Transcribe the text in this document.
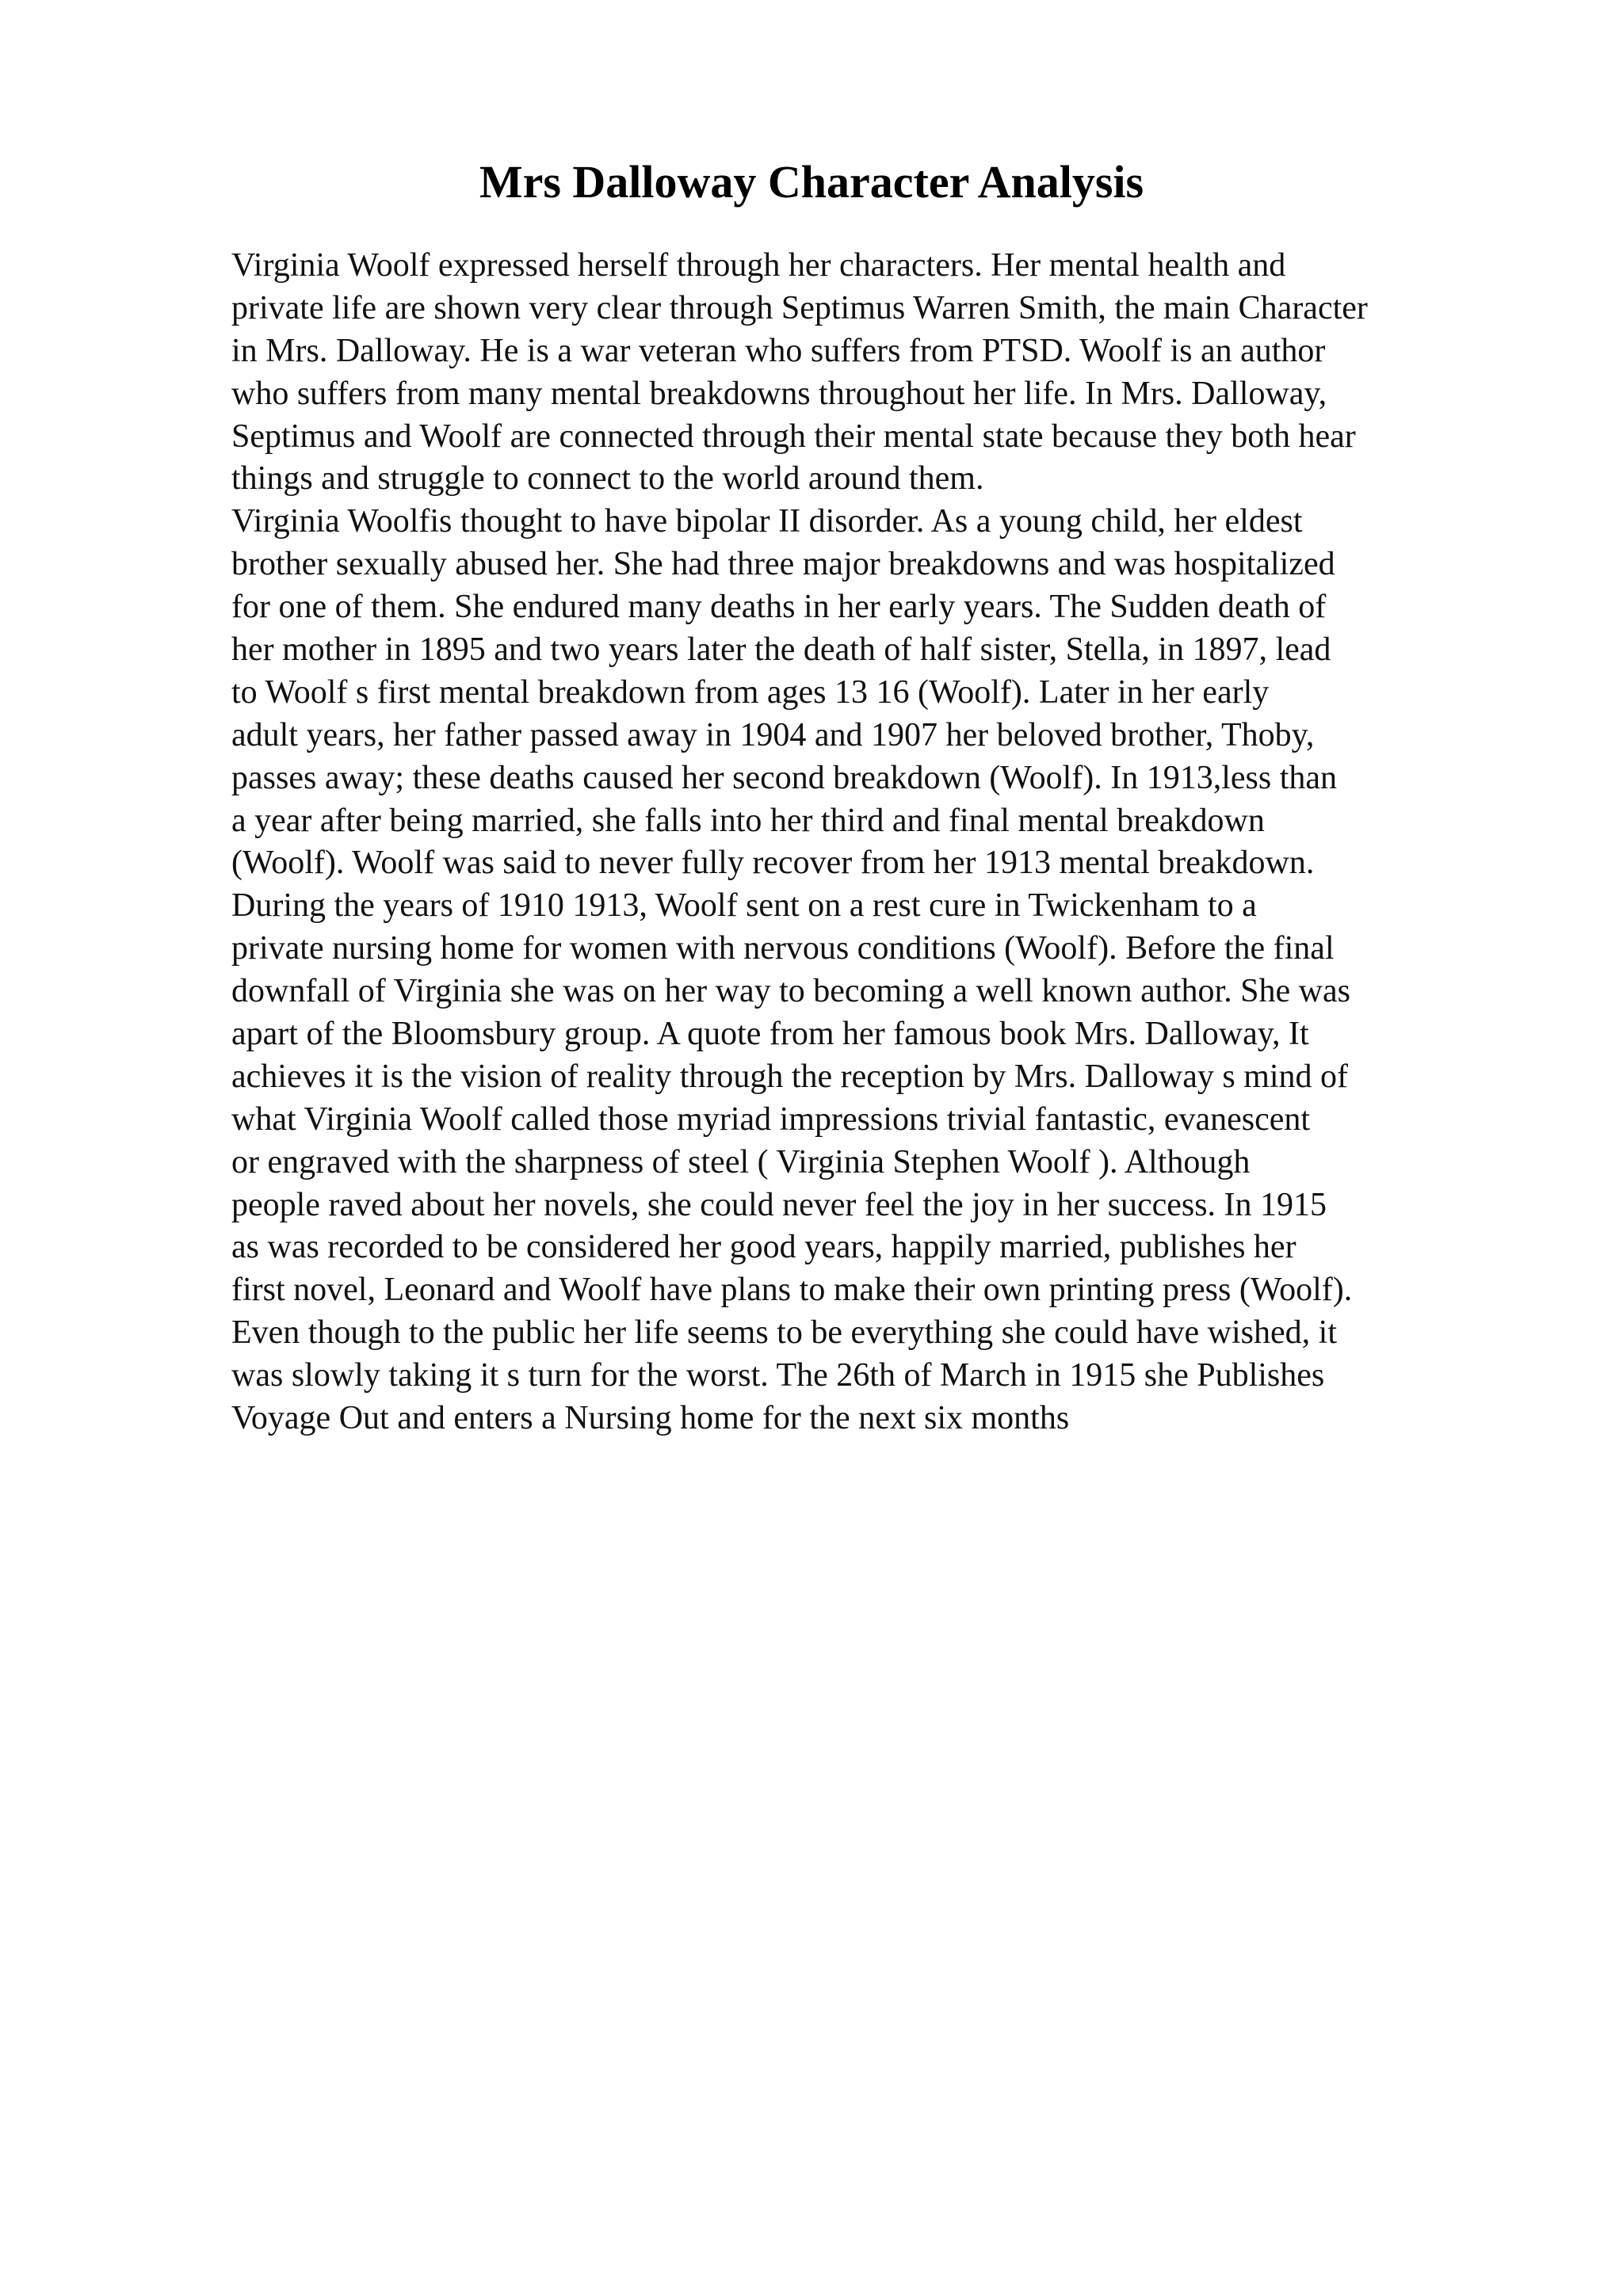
Mrs Dalloway Character Analysis
Virginia Woolf expressed herself through her characters. Her mental health and
private life are shown very clear through Septimus Warren Smith, the main Character
in Mrs. Dalloway. He is a war veteran who suffers from PTSD. Woolf is an author
who suffers from many mental breakdowns throughout her life. In Mrs. Dalloway,
Septimus and Woolf are connected through their mental state because they both hear
things and struggle to connect to the world around them.
Virginia Woolfis thought to have bipolar II disorder. As a young child, her eldest
brother sexually abused her. She had three major breakdowns and was hospitalized
for one of them. She endured many deaths in her early years. The Sudden death of
her mother in 1895 and two years later the death of half sister, Stella, in 1897, lead
to Woolf s first mental breakdown from ages 13 16 (Woolf). Later in her early
adult years, her father passed away in 1904 and 1907 her beloved brother, Thoby,
passes away; these deaths caused her second breakdown (Woolf). In 1913,less than
a year after being married, she falls into her third and final mental breakdown
(Woolf). Woolf was said to never fully recover from her 1913 mental breakdown.
During the years of 1910 1913, Woolf sent on a rest cure in Twickenham to a
private nursing home for women with nervous conditions (Woolf). Before the final
downfall of Virginia she was on her way to becoming a well known author. She was
apart of the Bloomsbury group. A quote from her famous book Mrs. Dalloway, It
achieves it is the vision of reality through the reception by Mrs. Dalloway s mind of
what Virginia Woolf called those myriad impressions trivial fantastic, evanescent
or engraved with the sharpness of steel ( Virginia Stephen Woolf ). Although
people raved about her novels, she could never feel the joy in her success. In 1915
as was recorded to be considered her good years, happily married, publishes her
first novel, Leonard and Woolf have plans to make their own printing press (Woolf).
Even though to the public her life seems to be everything she could have wished, it
was slowly taking it s turn for the worst. The 26th of March in 1915 she Publishes
Voyage Out and enters a Nursing home for the next six months
